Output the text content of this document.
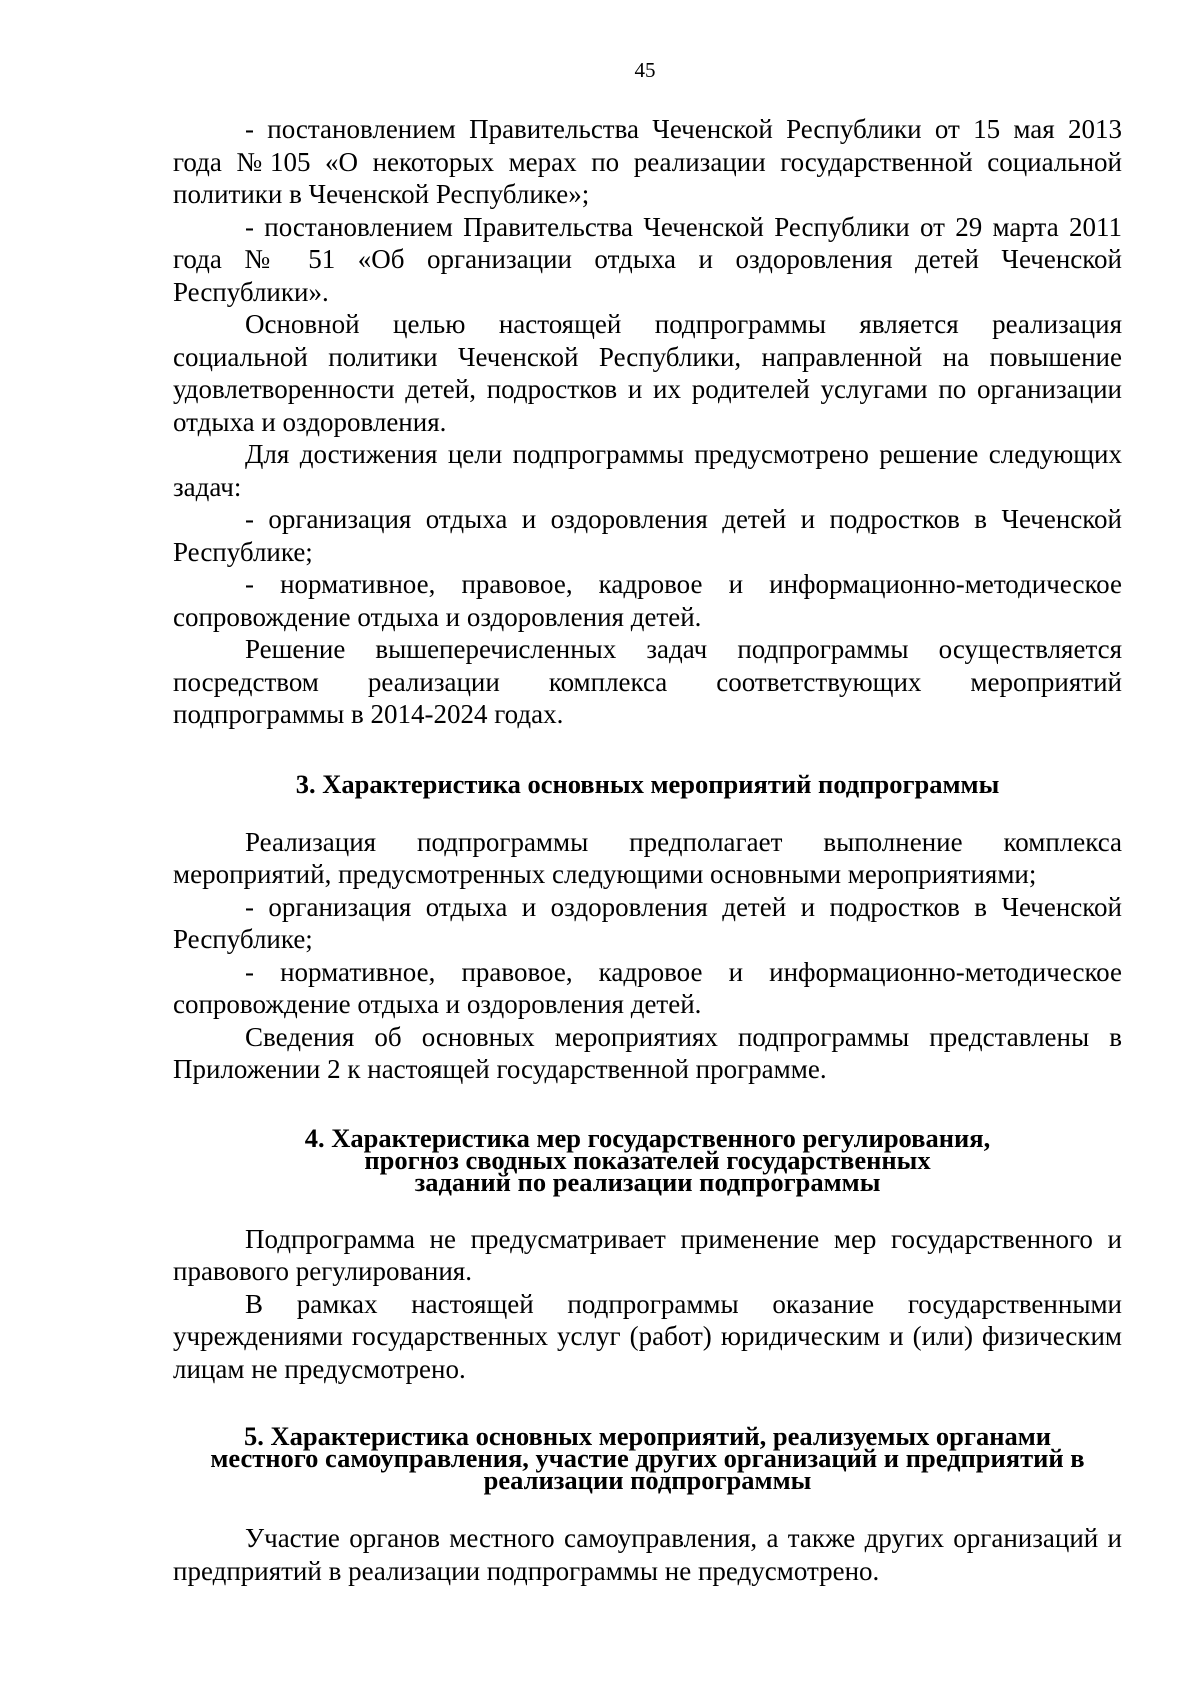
45

- постановлением Правительства Чеченской Республики от 15 мая 2013 года №105 «О некоторых мерах по реализации государственной социальной политики в Чеченской Республике»;

- постановлением Правительства Чеченской Республики от 29 марта 2011 года № 51 «Об организации отдыха и оздоровления детей Чеченской Республики».

Основной целью настоящей подпрограммы является реализация социальной политики Чеченской Республики, направленной на повышение удовлетворенности детей, подростков и их родителей услугами по организации отдыха и оздоровления.

Для достижения цели подпрограммы предусмотрено решение следующих задач:

- организация отдыха и оздоровления детей и подростков в Чеченской Республике;

- нормативное, правовое, кадровое и информационно-методическое сопровождение отдыха и оздоровления детей.

Решение вышеперечисленных задач подпрограммы осуществляется посредством реализации комплекса соответствующих мероприятий подпрограммы в 2014-2024 годах.

3. Характеристика основных мероприятий подпрограммы

Реализация подпрограммы предполагает выполнение комплекса мероприятий, предусмотренных следующими основными мероприятиями;

- организация отдыха и оздоровления детей и подростков в Чеченской Республике;

- нормативное, правовое, кадровое и информационно-методическое сопровождение отдыха и оздоровления детей.

Сведения об основных мероприятиях подпрограммы представлены в Приложении 2 к настоящей государственной программе.

4. Характеристика мер государственного регулирования,
прогноз сводных показателей государственных
заданий по реализации подпрограммы

Подпрограмма не предусматривает применение мер государственного и правового регулирования.

В рамках настоящей подпрограммы оказание государственными учреждениями государственных услуг (работ) юридическим и (или) физическим лицам не предусмотрено.

5. Характеристика основных мероприятий, реализуемых органами
местного самоуправления, участие других организаций и предприятий в
реализации подпрограммы

Участие органов местного самоуправления, а также других организаций и предприятий в реализации подпрограммы не предусмотрено.
